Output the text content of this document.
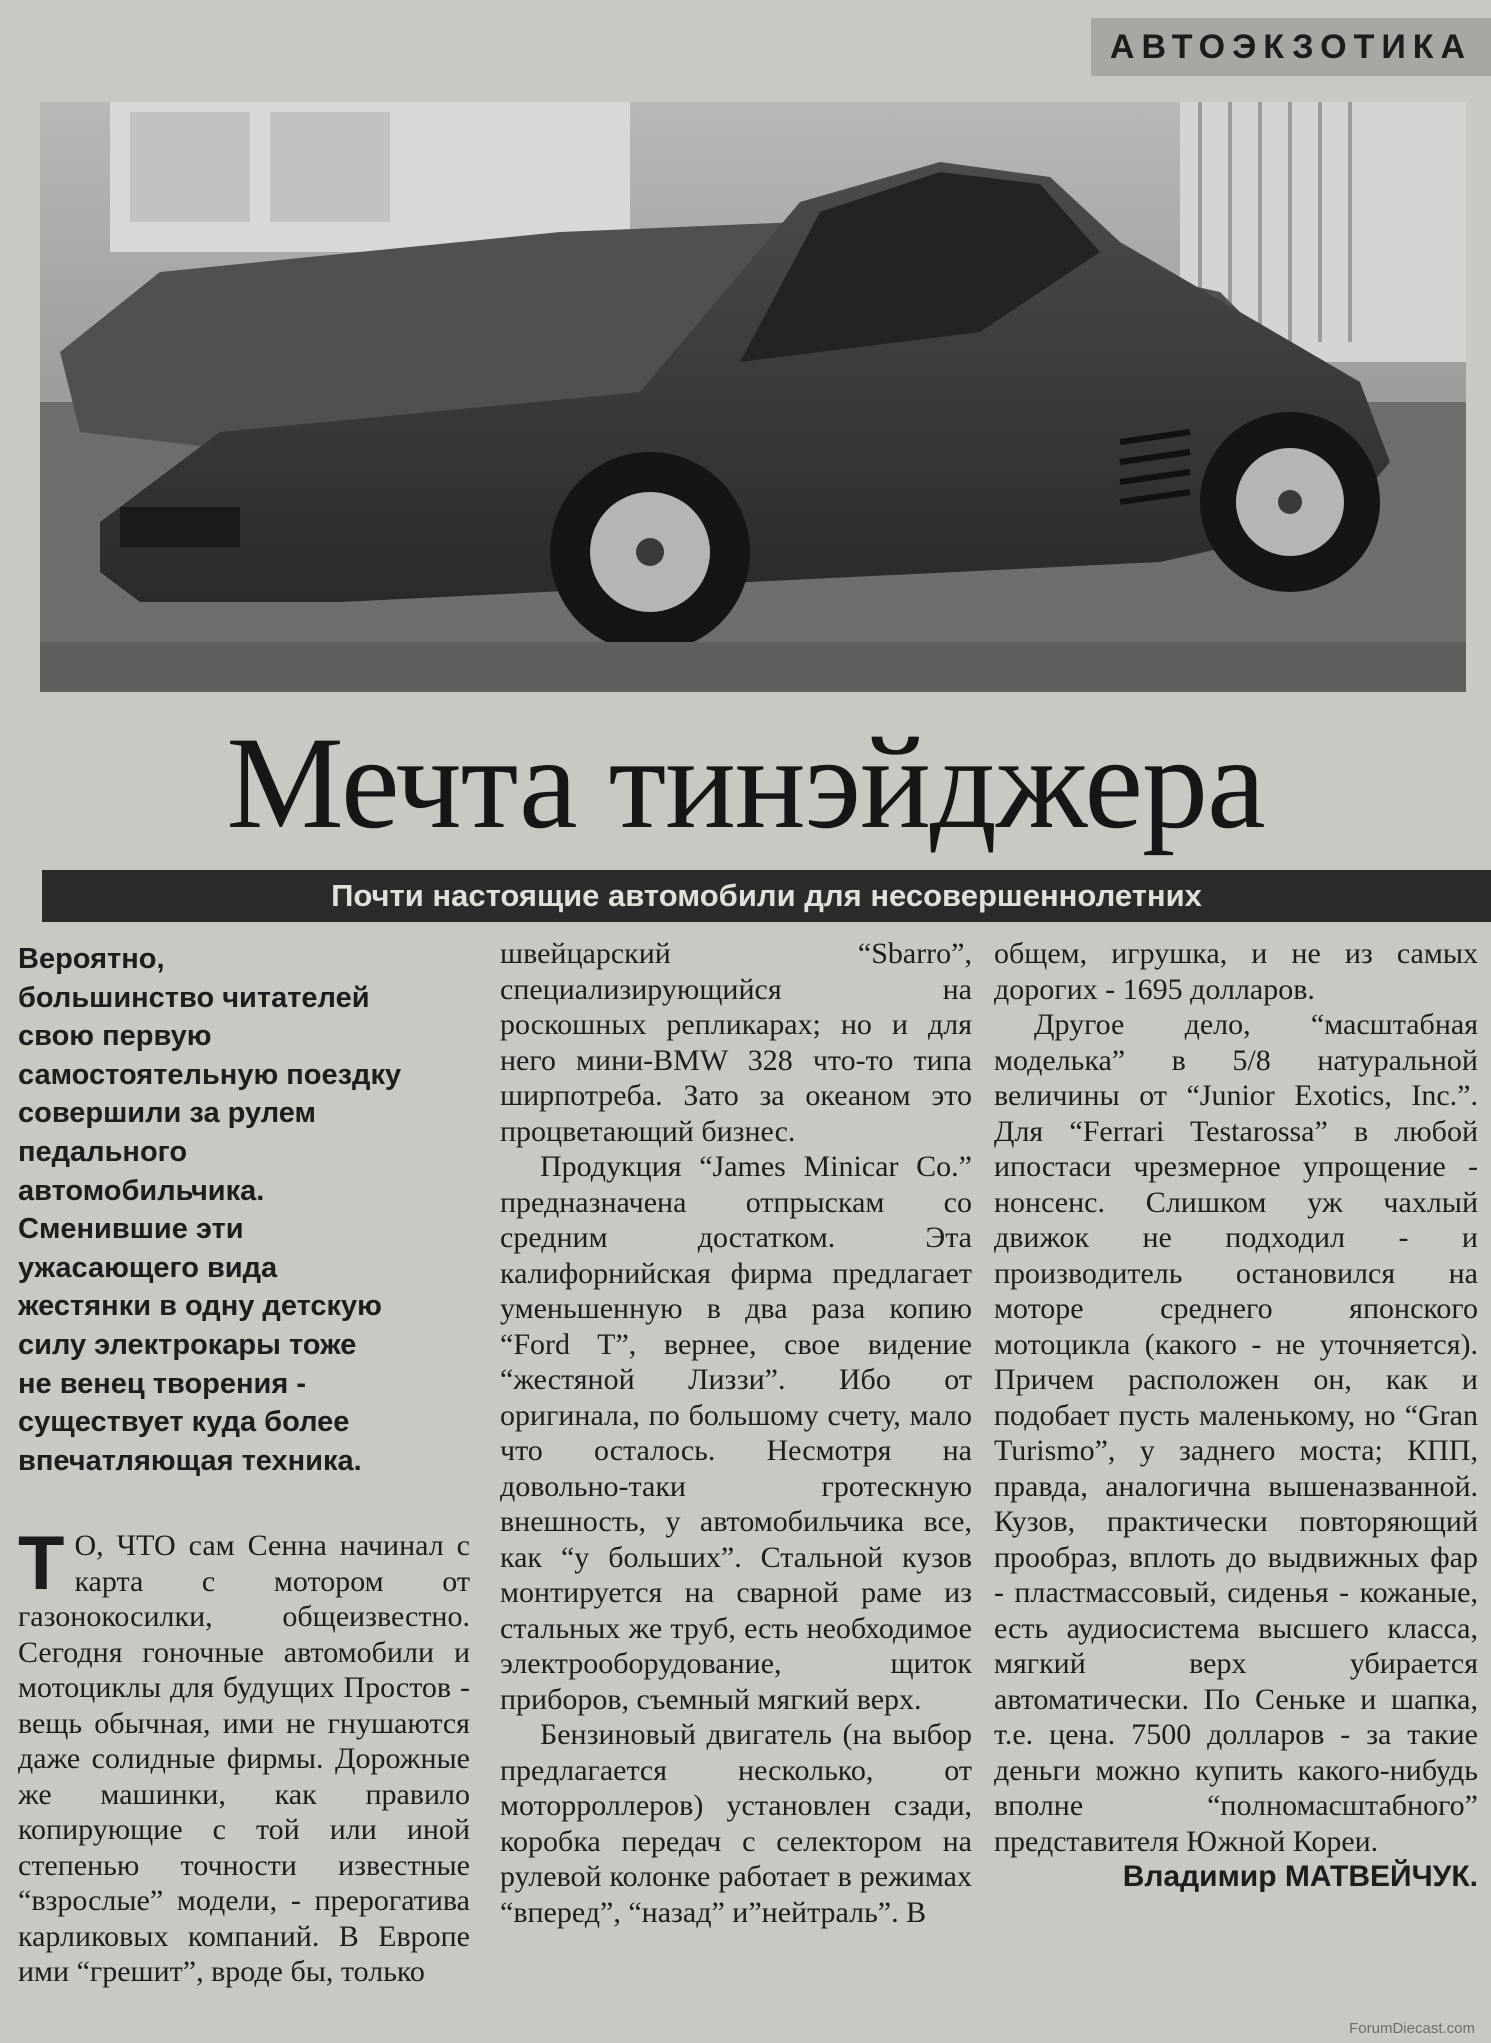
АВТОЭКЗОТИКА
Мечта тинэйджера
Почти настоящие автомобили для несовершеннолетних

Вероятно,
большинство читателей
свою первую
самостоятельную поездку
совершили за рулем
педального
автомобильчика.
Сменившие эти
ужасающего вида
жестянки в одну детскую
силу электрокары тоже
не венец творения -
существует куда более
впечатляющая техника.

Т О, ЧТО сам Сенна начинал с карта с мотором от газонокосилки, общеизвестно. Сегодня гоночные автомобили и мотоциклы для будущих Простов - вещь обычная, ими не гнушаются даже солидные фирмы. Дорожные же машинки, как правило копирующие с той или иной степенью точности известные “взрослые” модели, - прерогатива карликовых компаний. В Европе ими “грешит”, вроде бы, только

швейцарский “Sbarro”, специализирующийся на роскошных репликарах; но и для него мини-BMW 328 что-то типа ширпотреба. Зато за океаном это процветающий бизнес.

Продукция “James Minicar Co.” предназначена отпрыскам со средним достатком. Эта калифорнийская фирма предлагает уменьшенную в два раза копию “Ford T”, вернее, свое видение “жестяной Лиззи”. Ибо от оригинала, по большому счету, мало что осталось. Несмотря на довольно-таки гротескную внешность, у автомобильчика все, как “у больших”. Стальной кузов монтируется на сварной раме из стальных же труб, есть необходимое электрооборудование, щиток приборов, съемный мягкий верх.

Бензиновый двигатель (на выбор предлагается несколько, от моторроллеров) установлен сзади, коробка передач с селектором на рулевой колонке работает в режимах “вперед”, “назад” и”нейтраль”. В

общем, игрушка, и не из самых дорогих - 1695 долларов.

Другое дело, “масштабная моделька” в 5/8 натуральной величины от “Junior Exotics, Inc.”. Для “Ferrari Testarossa” в любой ипостаси чрезмерное упрощение - нонсенс. Слишком уж чахлый движок не подходил - и производитель остановился на моторе среднего японского мотоцикла (какого - не уточняется). Причем расположен он, как и подобает пусть маленькому, но “Gran Turismo”, у заднего моста; КПП, правда, аналогична вышеназванной. Кузов, практически повторяющий прообраз, вплоть до выдвижных фар - пластмассовый, сиденья - кожаные, есть аудиосистема высшего класса, мягкий верх убирается автоматически. По Сеньке и шапка, т.е. цена. 7500 долларов - за такие деньги можно купить какого-нибудь вполне “полномасштабного” представителя Южной Кореи.

Владимир МАТВЕЙЧУК.

ForumDiecast.com
